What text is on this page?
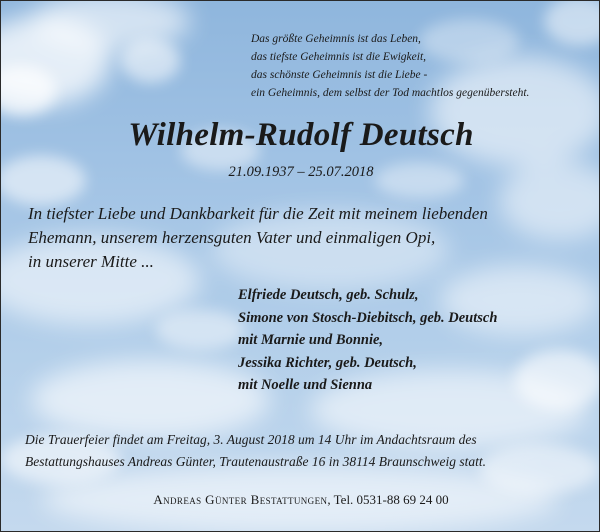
Das größte Geheimnis ist das Leben,
das tiefste Geheimnis ist die Ewigkeit,
das schönste Geheimnis ist die Liebe -
ein Geheimnis, dem selbst der Tod machtlos gegenübersteht.

Wilhelm-Rudolf Deutsch
21.09.1937 – 25.07.2018

In tiefster Liebe und Dankbarkeit für die Zeit mit meinem liebenden
Ehemann, unserem herzensguten Vater und einmaligen Opi,
in unserer Mitte ...

Elfriede Deutsch, geb. Schulz,
Simone von Stosch-Diebitsch, geb. Deutsch
mit Marnie und Bonnie,
Jessika Richter, geb. Deutsch,
mit Noelle und Sienna

Die Trauerfeier findet am Freitag, 3. August 2018 um 14 Uhr im Andachtsraum des
Bestattungshauses Andreas Günter, Trautenaustraße 16 in 38114 Braunschweig statt.

Andreas Günter Bestattungen, Tel. 0531-88 69 24 00
